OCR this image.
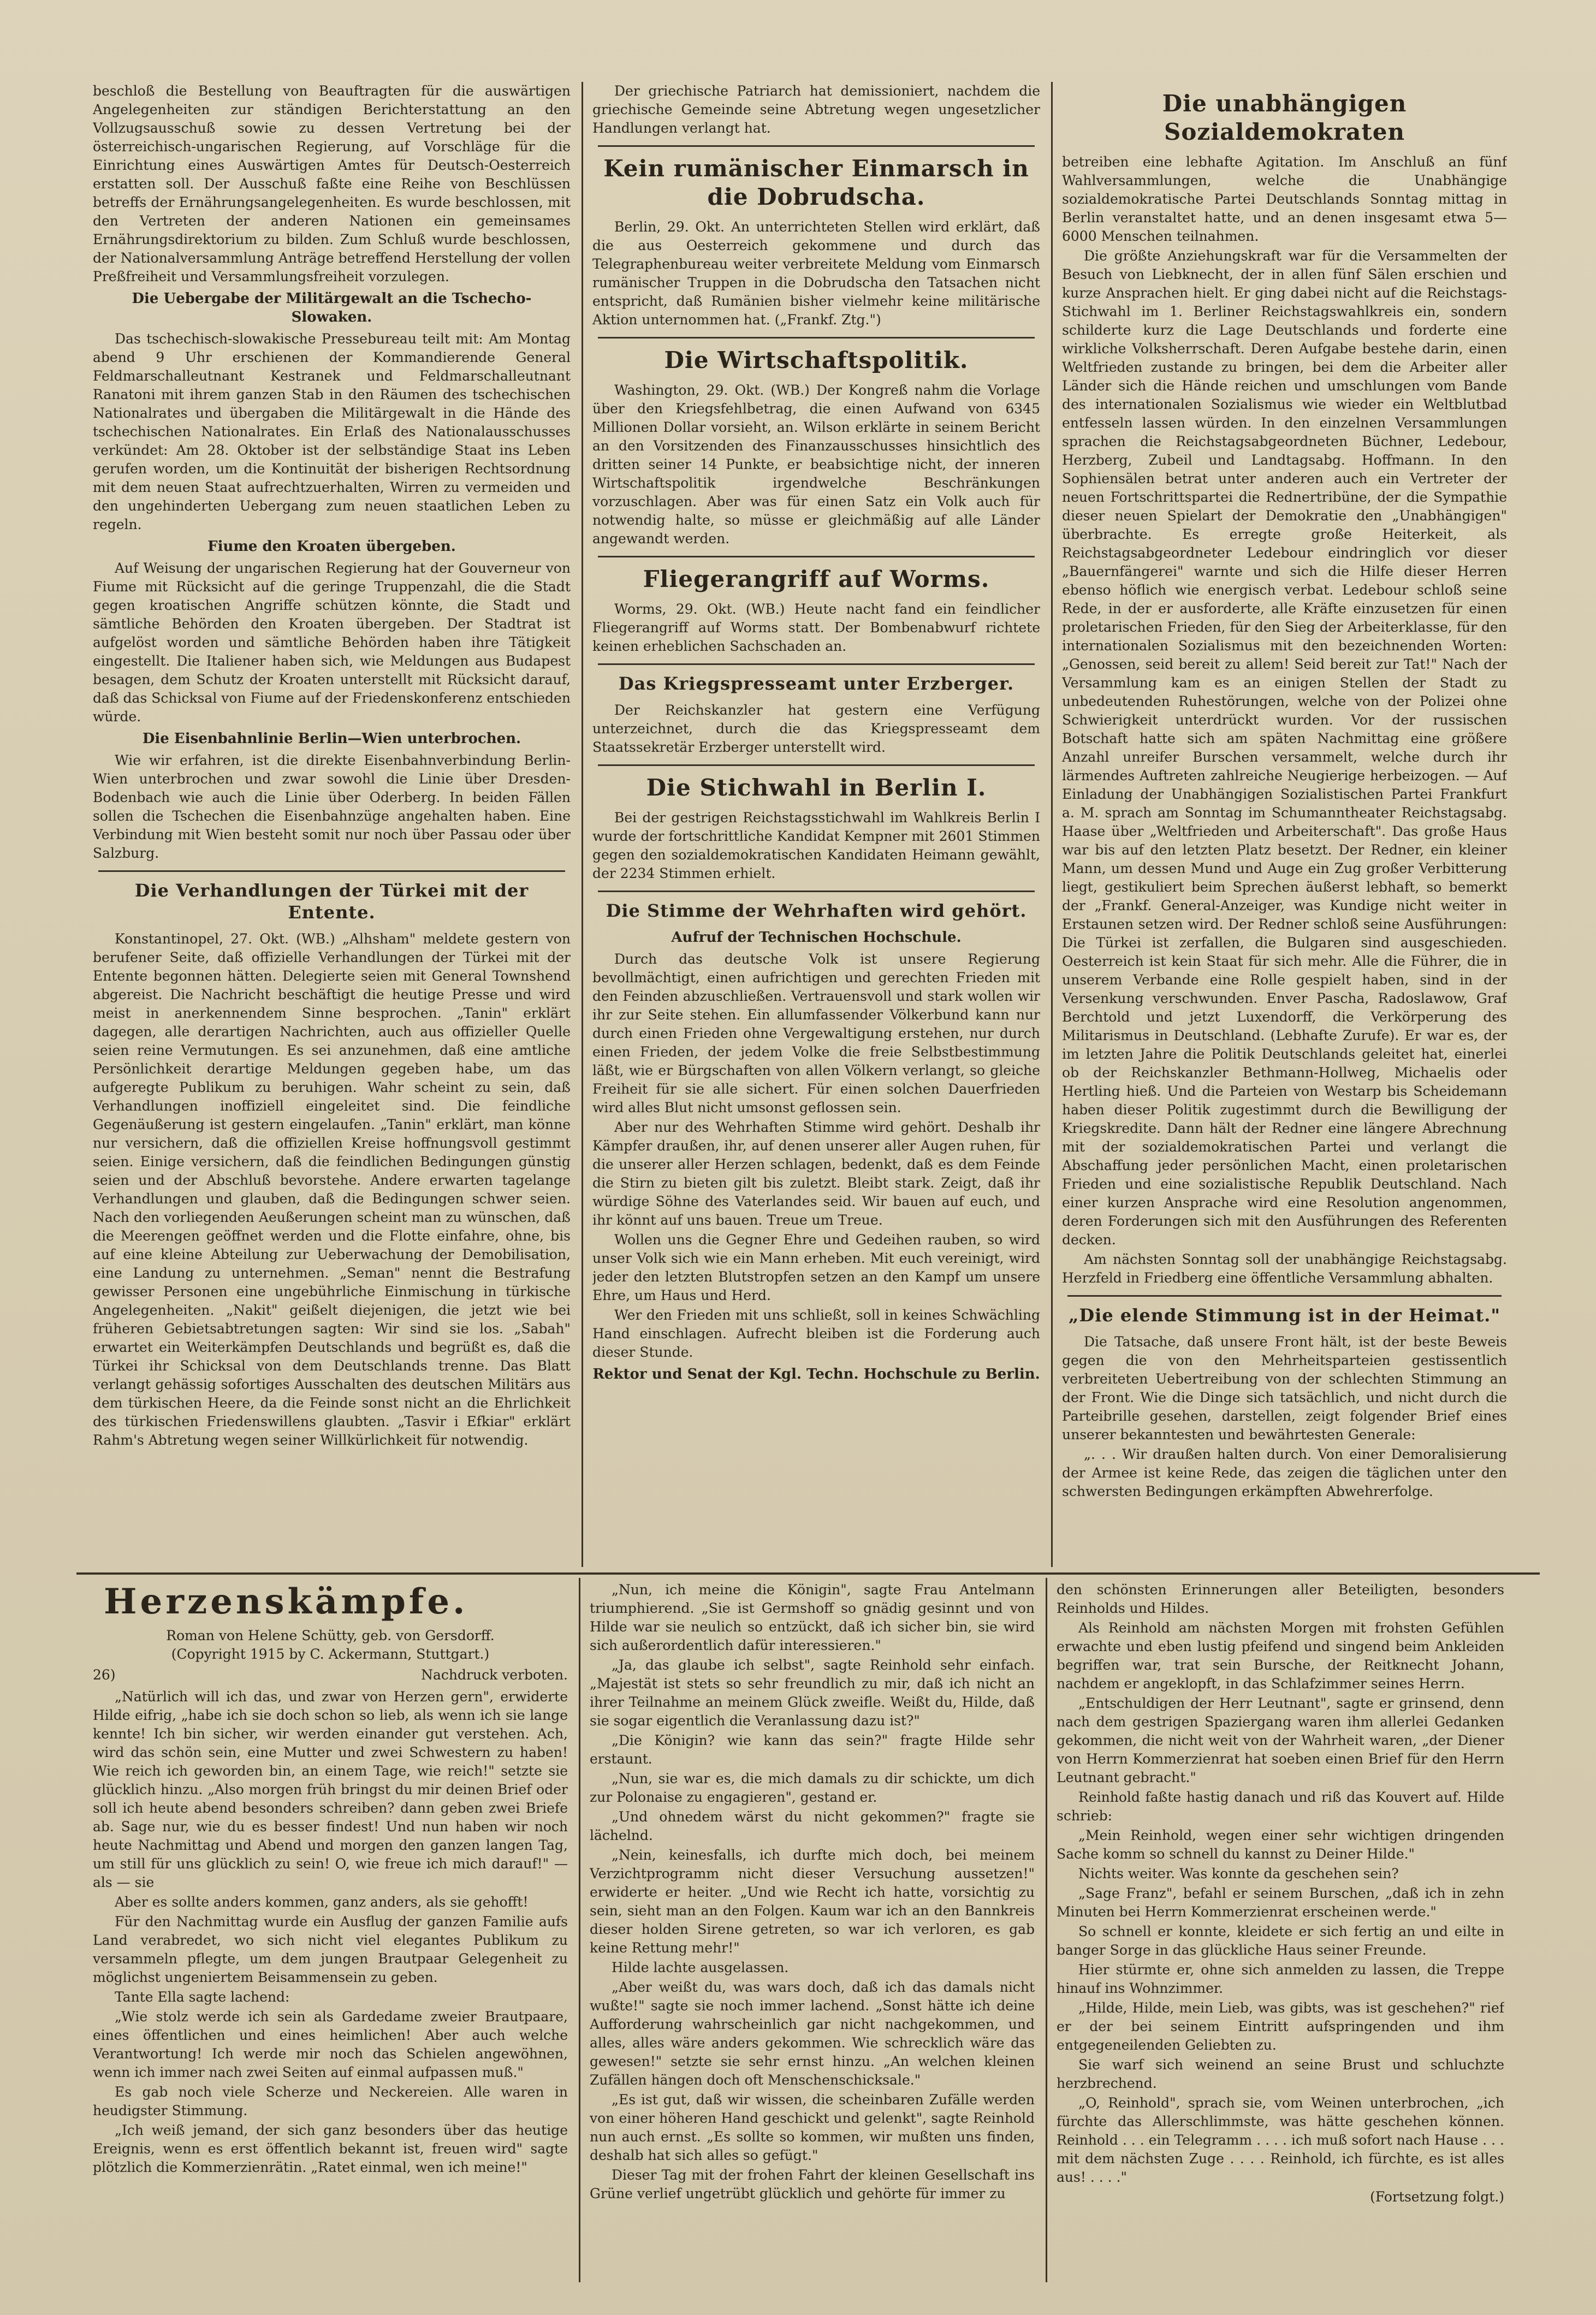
beschloß die Bestellung von Beauftragten für die auswärtigen Angelegenheiten zur ständigen Berichterstattung an den Vollzugsausschuß sowie zu dessen Vertretung bei der österreichisch-ungarischen Regierung, auf Vorschläge für die Einrichtung eines Auswärtigen Amtes für Deutsch-Oesterreich erstatten soll. Der Ausschuß faßte eine Reihe von Beschlüssen betreffs der Ernährungsangelegenheiten. Es wurde beschlossen, mit den Vertreten der anderen Nationen ein gemeinsames Ernährungsdirektorium zu bilden. Zum Schluß wurde beschlossen, der Nationalversammlung Anträge betreffend Herstellung der vollen Preßfreiheit und Versammlungsfreiheit vorzulegen.

Die Uebergabe der Militärgewalt an die Tschecho-Slowaken.

Das tschechisch-slowakische Pressebureau teilt mit: Am Montag abend 9 Uhr erschienen der Kommandierende General Feldmarschalleutnant Kestranek und Feldmarschalleutnant Ranatoni mit ihrem ganzen Stab in den Räumen des tschechischen Nationalrates und übergaben die Militärgewalt in die Hände des tschechischen Nationalrates. Ein Erlaß des Nationalausschusses verkündet: Am 28. Oktober ist der selbständige Staat ins Leben gerufen worden, um die Kontinuität der bisherigen Rechtsordnung mit dem neuen Staat aufrechtzuerhalten, Wirren zu vermeiden und den ungehinderten Uebergang zum neuen staatlichen Leben zu regeln.

Fiume den Kroaten übergeben.

Auf Weisung der ungarischen Regierung hat der Gouverneur von Fiume mit Rücksicht auf die geringe Truppenzahl, die die Stadt gegen kroatischen Angriffe schützen könnte, die Stadt und sämtliche Behörden den Kroaten übergeben. Der Stadtrat ist aufgelöst worden und sämtliche Behörden haben ihre Tätigkeit eingestellt. Die Italiener haben sich, wie Meldungen aus Budapest besagen, dem Schutz der Kroaten unterstellt mit Rücksicht darauf, daß das Schicksal von Fiume auf der Friedenskonferenz entschieden würde.

Die Eisenbahnlinie Berlin—Wien unterbrochen.

Wie wir erfahren, ist die direkte Eisenbahnverbindung Berlin-Wien unterbrochen und zwar sowohl die Linie über Dresden-Bodenbach wie auch die Linie über Oderberg. In beiden Fällen sollen die Tschechen die Eisenbahnzüge angehalten haben. Eine Verbindung mit Wien besteht somit nur noch über Passau oder über Salzburg.

Die Verhandlungen der Türkei mit der Entente.

Konstantinopel, 27. Okt. (WB.) „Alhsham" meldete gestern von berufener Seite, daß offizielle Verhandlungen der Türkei mit der Entente begonnen hätten. Delegierte seien mit General Townshend abgereist. Die Nachricht beschäftigt die heutige Presse und wird meist in anerkennendem Sinne besprochen. „Tanin" erklärt dagegen, alle derartigen Nachrichten, auch aus offizieller Quelle seien reine Vermutungen. Es sei anzunehmen, daß eine amtliche Persönlichkeit derartige Meldungen gegeben habe, um das aufgeregte Publikum zu beruhigen. Wahr scheint zu sein, daß Verhandlungen inoffiziell eingeleitet sind. Die feindliche Gegenäußerung ist gestern eingelaufen. „Tanin" erklärt, man könne nur versichern, daß die offiziellen Kreise hoffnungsvoll gestimmt seien. Einige versichern, daß die feindlichen Bedingungen günstig seien und der Abschluß bevorstehe. Andere erwarten tagelange Verhandlungen und glauben, daß die Bedingungen schwer seien. Nach den vorliegenden Aeußerungen scheint man zu wünschen, daß die Meerengen geöffnet werden und die Flotte einfahre, ohne, bis auf eine kleine Abteilung zur Ueberwachung der Demobilisation, eine Landung zu unternehmen. „Seman" nennt die Bestrafung gewisser Personen eine ungebührliche Einmischung in türkische Angelegenheiten. „Nakit" geißelt diejenigen, die jetzt wie bei früheren Gebietsabtretungen sagten: Wir sind sie los. „Sabah" erwartet ein Weiterkämpfen Deutschlands und begrüßt es, daß die Türkei ihr Schicksal von dem Deutschlands trenne. Das Blatt verlangt gehässig sofortiges Ausschalten des deutschen Militärs aus dem türkischen Heere, da die Feinde sonst nicht an die Ehrlichkeit des türkischen Friedenswillens glaubten. „Tasvir i Efkiar" erklärt Rahm's Abtretung wegen seiner Willkürlichkeit für notwendig.

Der griechische Patriarch hat demissioniert, nachdem die griechische Gemeinde seine Abtretung wegen ungesetzlicher Handlungen verlangt hat.

Kein rumänischer Einmarsch in die Dobrudscha.

Berlin, 29. Okt. An unterrichteten Stellen wird erklärt, daß die aus Oesterreich gekommene und durch das Telegraphenbureau weiter verbreitete Meldung vom Einmarsch rumänischer Truppen in die Dobrudscha den Tatsachen nicht entspricht, daß Rumänien bisher vielmehr keine militärische Aktion unternommen hat. („Frankf. Ztg.")

Die Wirtschaftspolitik.

Washington, 29. Okt. (WB.) Der Kongreß nahm die Vorlage über den Kriegsfehlbetrag, die einen Aufwand von 6345 Millionen Dollar vorsieht, an. Wilson erklärte in seinem Bericht an den Vorsitzenden des Finanzausschusses hinsichtlich des dritten seiner 14 Punkte, er beabsichtige nicht, der inneren Wirtschaftspolitik irgendwelche Beschränkungen vorzuschlagen. Aber was für einen Satz ein Volk auch für notwendig halte, so müsse er gleichmäßig auf alle Länder angewandt werden.

Fliegerangriff auf Worms.

Worms, 29. Okt. (WB.) Heute nacht fand ein feindlicher Fliegerangriff auf Worms statt. Der Bombenabwurf richtete keinen erheblichen Sachschaden an.

Das Kriegspresseamt unter Erzberger.

Der Reichskanzler hat gestern eine Verfügung unterzeichnet, durch die das Kriegspresseamt dem Staatssekretär Erzberger unterstellt wird.

Die Stichwahl in Berlin I.

Bei der gestrigen Reichstagsstichwahl im Wahlkreis Berlin I wurde der fortschrittliche Kandidat Kempner mit 2601 Stimmen gegen den sozialdemokratischen Kandidaten Heimann gewählt, der 2234 Stimmen erhielt.

Die Stimme der Wehrhaften wird gehört.
Aufruf der Technischen Hochschule.

Durch das deutsche Volk ist unsere Regierung bevollmächtigt, einen aufrichtigen und gerechten Frieden mit den Feinden abzuschließen. Vertrauensvoll und stark wollen wir ihr zur Seite stehen. Ein allumfassender Völkerbund kann nur durch einen Frieden ohne Vergewaltigung erstehen, nur durch einen Frieden, der jedem Volke die freie Selbstbestimmung läßt, wie er Bürgschaften von allen Völkern verlangt, so gleiche Freiheit für sie alle sichert. Für einen solchen Dauerfrieden wird alles Blut nicht umsonst geflossen sein.

Aber nur des Wehrhaften Stimme wird gehört. Deshalb ihr Kämpfer draußen, ihr, auf denen unserer aller Augen ruhen, für die unserer aller Herzen schlagen, bedenkt, daß es dem Feinde die Stirn zu bieten gilt bis zuletzt. Bleibt stark. Zeigt, daß ihr würdige Söhne des Vaterlandes seid. Wir bauen auf euch, und ihr könnt auf uns bauen. Treue um Treue.

Wollen uns die Gegner Ehre und Gedeihen rauben, so wird unser Volk sich wie ein Mann erheben. Mit euch vereinigt, wird jeder den letzten Blutstropfen setzen an den Kampf um unsere Ehre, um Haus und Herd.

Wer den Frieden mit uns schließt, soll in keines Schwächling Hand einschlagen. Aufrecht bleiben ist die Forderung auch dieser Stunde.

Rektor und Senat der Kgl. Techn. Hochschule zu Berlin.
Die unabhängigen Sozialdemokraten

betreiben eine lebhafte Agitation. Im Anschluß an fünf Wahlversammlungen, welche die Unabhängige sozialdemokratische Partei Deutschlands Sonntag mittag in Berlin veranstaltet hatte, und an denen insgesamt etwa 5—6000 Menschen teilnahmen.

Die größte Anziehungskraft war für die Versammelten der Besuch von Liebknecht, der in allen fünf Sälen erschien und kurze Ansprachen hielt. Er ging dabei nicht auf die Reichstags-Stichwahl im 1. Berliner Reichstagswahlkreis ein, sondern schilderte kurz die Lage Deutschlands und forderte eine wirkliche Volksherrschaft. Deren Aufgabe bestehe darin, einen Weltfrieden zustande zu bringen, bei dem die Arbeiter aller Länder sich die Hände reichen und umschlungen vom Bande des internationalen Sozialismus wie wieder ein Weltblutbad entfesseln lassen würden. In den einzelnen Versammlungen sprachen die Reichstagsabgeordneten Büchner, Ledebour, Herzberg, Zubeil und Landtagsabg. Hoffmann. In den Sophiensälen betrat unter anderen auch ein Vertreter der neuen Fortschrittspartei die Rednertribüne, der die Sympathie dieser neuen Spielart der Demokratie den „Unabhängigen" überbrachte. Es erregte große Heiterkeit, als Reichstagsabgeordneter Ledebour eindringlich vor dieser „Bauernfängerei" warnte und sich die Hilfe dieser Herren ebenso höflich wie energisch verbat. Ledebour schloß seine Rede, in der er ausforderte, alle Kräfte einzusetzen für einen proletarischen Frieden, für den Sieg der Arbeiterklasse, für den internationalen Sozialismus mit den bezeichnenden Worten: „Genossen, seid bereit zu allem! Seid bereit zur Tat!" Nach der Versammlung kam es an einigen Stellen der Stadt zu unbedeutenden Ruhestörungen, welche von der Polizei ohne Schwierigkeit unterdrückt wurden. Vor der russischen Botschaft hatte sich am späten Nachmittag eine größere Anzahl unreifer Burschen versammelt, welche durch ihr lärmendes Auftreten zahlreiche Neugierige herbeizogen. — Auf Einladung der Unabhängigen Sozialistischen Partei Frankfurt a. M. sprach am Sonntag im Schumanntheater Reichstagsabg. Haase über „Weltfrieden und Arbeiterschaft". Das große Haus war bis auf den letzten Platz besetzt. Der Redner, ein kleiner Mann, um dessen Mund und Auge ein Zug großer Verbitterung liegt, gestikuliert beim Sprechen äußerst lebhaft, so bemerkt der „Frankf. General-Anzeiger, was Kundige nicht weiter in Erstaunen setzen wird. Der Redner schloß seine Ausführungen: Die Türkei ist zerfallen, die Bulgaren sind ausgeschieden. Oesterreich ist kein Staat für sich mehr. Alle die Führer, die in unserem Verbande eine Rolle gespielt haben, sind in der Versenkung verschwunden. Enver Pascha, Radoslawow, Graf Berchtold und jetzt Luxendorff, die Verkörperung des Militarismus in Deutschland. (Lebhafte Zurufe). Er war es, der im letzten Jahre die Politik Deutschlands geleitet hat, einerlei ob der Reichskanzler Bethmann-Hollweg, Michaelis oder Hertling hieß. Und die Parteien von Westarp bis Scheidemann haben dieser Politik zugestimmt durch die Bewilligung der Kriegskredite. Dann hält der Redner eine längere Abrechnung mit der sozialdemokratischen Partei und verlangt die Abschaffung jeder persönlichen Macht, einen proletarischen Frieden und eine sozialistische Republik Deutschland. Nach einer kurzen Ansprache wird eine Resolution angenommen, deren Forderungen sich mit den Ausführungen des Referenten decken.

Am nächsten Sonntag soll der unabhängige Reichstagsabg. Herzfeld in Friedberg eine öffentliche Versammlung abhalten.

„Die elende Stimmung ist in der Heimat."

Die Tatsache, daß unsere Front hält, ist der beste Beweis gegen die von den Mehrheitsparteien gestissentlich verbreiteten Uebertreibung von der schlechten Stimmung an der Front. Wie die Dinge sich tatsächlich, und nicht durch die Parteibrille gesehen, darstellen, zeigt folgender Brief eines unserer bekanntesten und bewährtesten Generale:

„. . . Wir draußen halten durch. Von einer Demoralisierung der Armee ist keine Rede, das zeigen die täglichen unter den schwersten Bedingungen erkämpften Abwehrerfolge.

Herzenskämpfe.
Roman von Helene Schütty, geb. von Gersdorff.
(Copyright 1915 by C. Ackermann, Stuttgart.)
26)	Nachdruck verboten.

„Natürlich will ich das, und zwar von Herzen gern", erwiderte Hilde eifrig, „habe ich sie doch schon so lieb, als wenn ich sie lange kennte! Ich bin sicher, wir werden einander gut verstehen. Ach, wird das schön sein, eine Mutter und zwei Schwestern zu haben! Wie reich ich geworden bin, an einem Tage, wie reich!" setzte sie glücklich hinzu. „Also morgen früh bringst du mir deinen Brief oder soll ich heute abend besonders schreiben? dann geben zwei Briefe ab. Sage nur, wie du es besser findest! Und nun haben wir noch heute Nachmittag und Abend und morgen den ganzen langen Tag, um still für uns glücklich zu sein! O, wie freue ich mich darauf!" — als — sie

Aber es sollte anders kommen, ganz anders, als sie gehofft!

Für den Nachmittag wurde ein Ausflug der ganzen Familie aufs Land verabredet, wo sich nicht viel elegantes Publikum zu versammeln pflegte, um dem jungen Brautpaar Gelegenheit zu möglichst ungeniertem Beisammensein zu geben.

Tante Ella sagte lachend:

„Wie stolz werde ich sein als Gardedame zweier Brautpaare, eines öffentlichen und eines heimlichen! Aber auch welche Verantwortung! Ich werde mir noch das Schielen angewöhnen, wenn ich immer nach zwei Seiten auf einmal aufpassen muß."

Es gab noch viele Scherze und Neckereien. Alle waren in heudigster Stimmung.

„Ich weiß jemand, der sich ganz besonders über das heutige Ereignis, wenn es erst öffentlich bekannt ist, freuen wird" sagte plötzlich die Kommerzienrätin. „Ratet einmal, wen ich meine!"

„Nun, ich meine die Königin", sagte Frau Antelmann triumphierend. „Sie ist Germshoff so gnädig gesinnt und von Hilde war sie neulich so entzückt, daß ich sicher bin, sie wird sich außerordentlich dafür interessieren."

„Ja, das glaube ich selbst", sagte Reinhold sehr einfach. „Majestät ist stets so sehr freundlich zu mir, daß ich nicht an ihrer Teilnahme an meinem Glück zweifle. Weißt du, Hilde, daß sie sogar eigentlich die Veranlassung dazu ist?"

„Die Königin? wie kann das sein?" fragte Hilde sehr erstaunt.

„Nun, sie war es, die mich damals zu dir schickte, um dich zur Polonaise zu engagieren", gestand er.

„Und ohnedem wärst du nicht gekommen?" fragte sie lächelnd.

„Nein, keinesfalls, ich durfte mich doch, bei meinem Verzichtprogramm nicht dieser Versuchung aussetzen!" erwiderte er heiter. „Und wie Recht ich hatte, vorsichtig zu sein, sieht man an den Folgen. Kaum war ich an den Bannkreis dieser holden Sirene getreten, so war ich verloren, es gab keine Rettung mehr!"

Hilde lachte ausgelassen.

„Aber weißt du, was wars doch, daß ich das damals nicht wußte!" sagte sie noch immer lachend. „Sonst hätte ich deine Aufforderung wahrscheinlich gar nicht nachgekommen, und alles, alles wäre anders gekommen. Wie schrecklich wäre das gewesen!" setzte sie sehr ernst hinzu. „An welchen kleinen Zufällen hängen doch oft Menschenschicksale."

„Es ist gut, daß wir wissen, die scheinbaren Zufälle werden von einer höheren Hand geschickt und gelenkt", sagte Reinhold nun auch ernst. „Es sollte so kommen, wir mußten uns finden, deshalb hat sich alles so gefügt."

Dieser Tag mit der frohen Fahrt der kleinen Gesellschaft ins Grüne verlief ungetrübt glücklich und gehörte für immer zu

den schönsten Erinnerungen aller Beteiligten, besonders Reinholds und Hildes.

Als Reinhold am nächsten Morgen mit frohsten Gefühlen erwachte und eben lustig pfeifend und singend beim Ankleiden begriffen war, trat sein Bursche, der Reitknecht Johann, nachdem er angeklopft, in das Schlafzimmer seines Herrn.

„Entschuldigen der Herr Leutnant", sagte er grinsend, denn nach dem gestrigen Spaziergang waren ihm allerlei Gedanken gekommen, die nicht weit von der Wahrheit waren, „der Diener von Herrn Kommerzienrat hat soeben einen Brief für den Herrn Leutnant gebracht."

Reinhold faßte hastig danach und riß das Kouvert auf. Hilde schrieb:

„Mein Reinhold, wegen einer sehr wichtigen dringenden Sache komm so schnell du kannst zu Deiner Hilde."

Nichts weiter. Was konnte da geschehen sein?

„Sage Franz", befahl er seinem Burschen, „daß ich in zehn Minuten bei Herrn Kommerzienrat erscheinen werde."

So schnell er konnte, kleidete er sich fertig an und eilte in banger Sorge in das glückliche Haus seiner Freunde.

Hier stürmte er, ohne sich anmelden zu lassen, die Treppe hinauf ins Wohnzimmer.

„Hilde, Hilde, mein Lieb, was gibts, was ist geschehen?" rief er der bei seinem Eintritt aufspringenden und ihm entgegeneilenden Geliebten zu.

Sie warf sich weinend an seine Brust und schluchzte herzbrechend.

„O, Reinhold", sprach sie, vom Weinen unterbrochen, „ich fürchte das Allerschlimmste, was hätte geschehen können. Reinhold . . . ein Telegramm . . . . ich muß sofort nach Hause . . . mit dem nächsten Zuge . . . . Reinhold, ich fürchte, es ist alles aus! . . . ."

(Fortsetzung folgt.)
